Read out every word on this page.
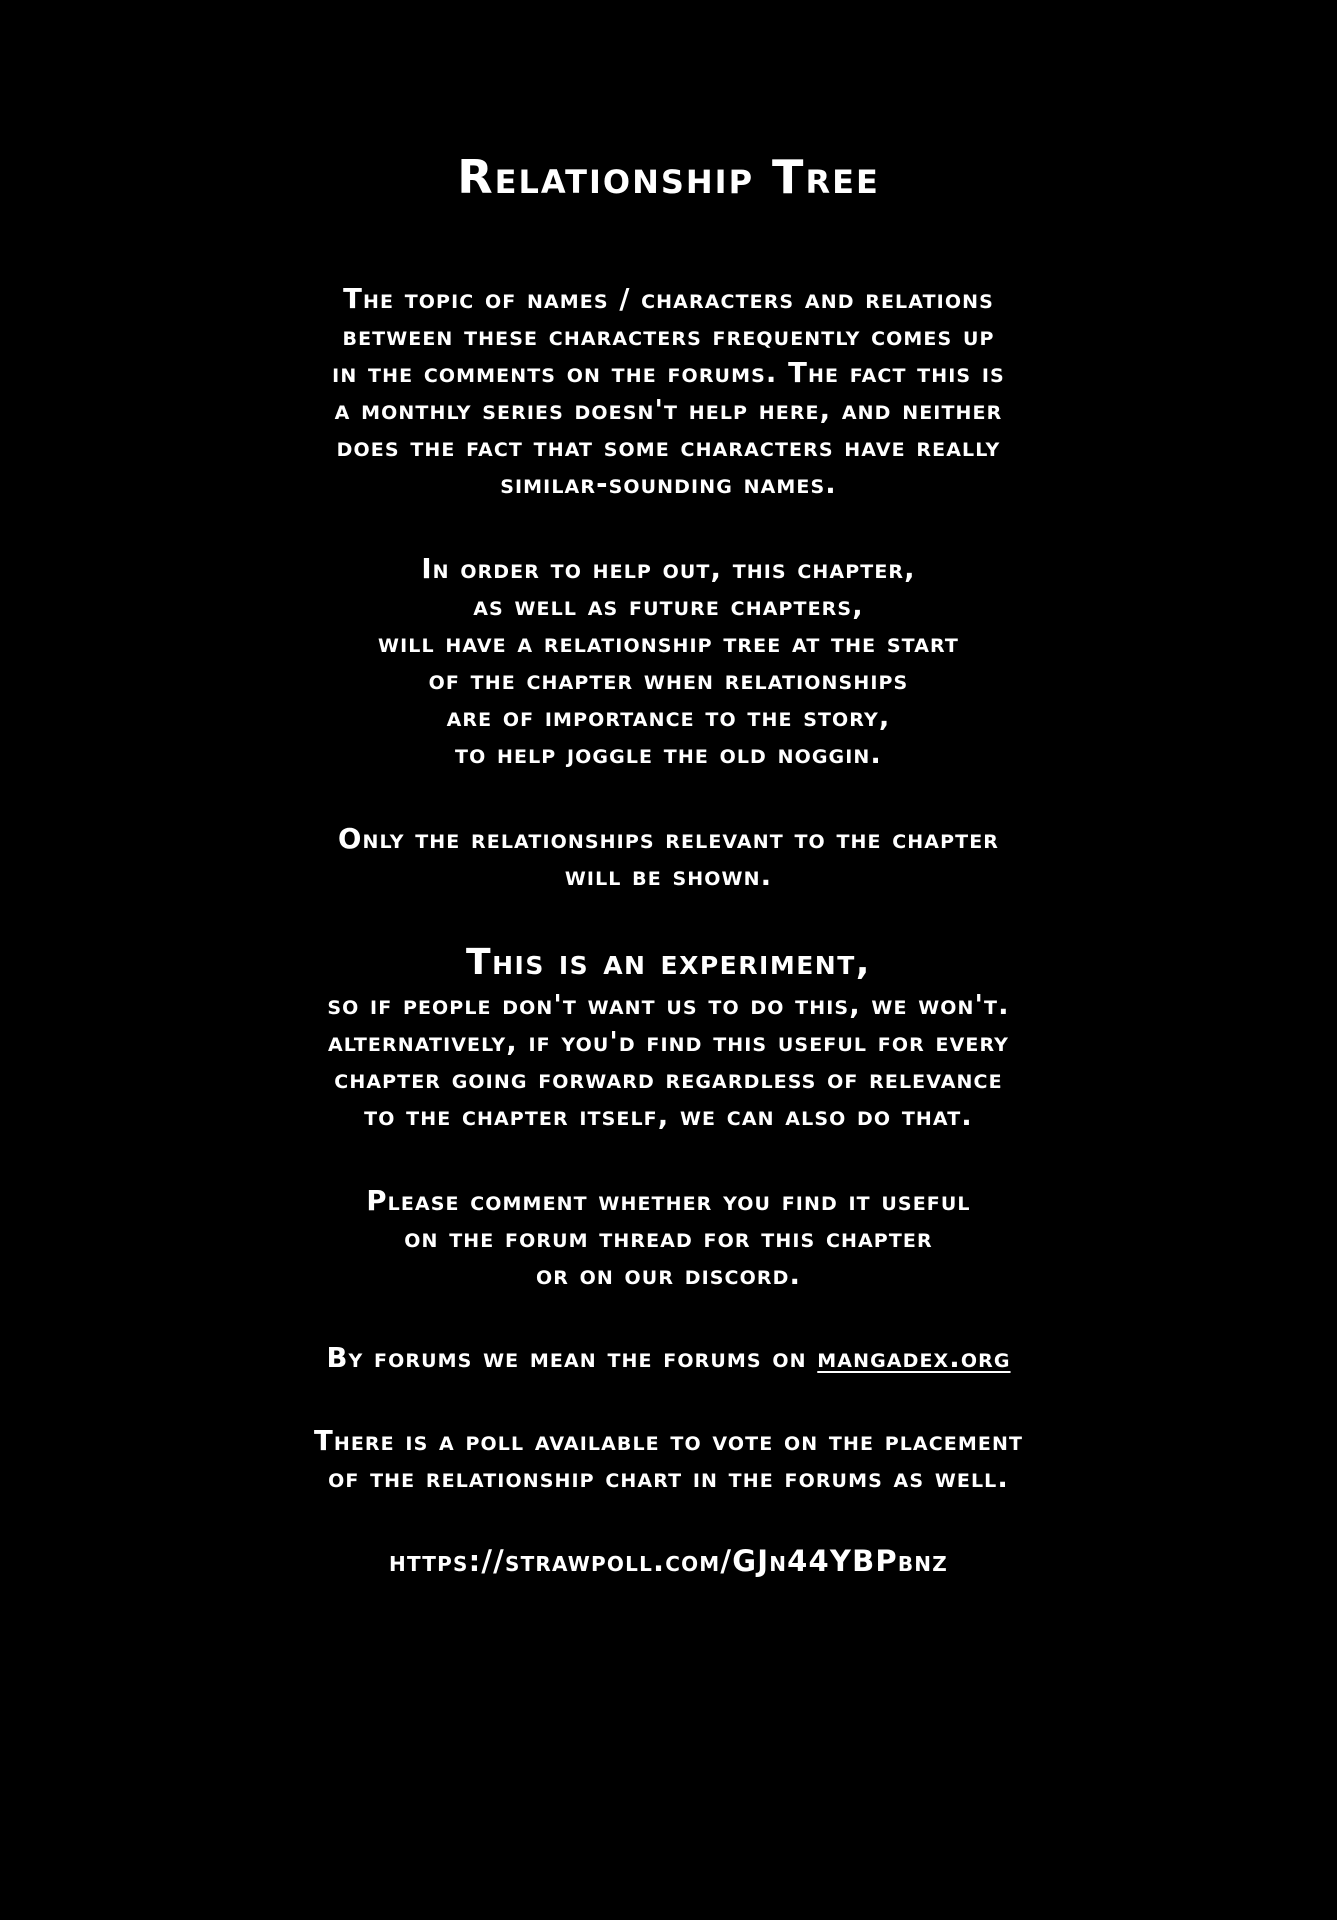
Relationship Tree
The topic of names / characters and relations
between these characters frequently comes up
in the comments on the forums. The fact this is
a monthly series doesn't help here, and neither
does the fact that some characters have really
similar-sounding names.
In order to help out, this chapter,
as well as future chapters,
will have a relationship tree at the start
of the chapter when relationships
are of importance to the story,
to help joggle the old noggin.
Only the relationships relevant to the chapter
will be shown.
This is an experiment,
so if people don't want us to do this, we won't.
alternatively, if you'd find this useful for every
chapter going forward regardless of relevance
to the chapter itself, we can also do that.
Please comment whether you find it useful
on the forum thread for this chapter
or on our discord.
By forums we mean the forums on mangadex.org
There is a poll available to vote on the placement
of the relationship chart in the forums as well.
https://strawpoll.com/GJn44YBPbnz
